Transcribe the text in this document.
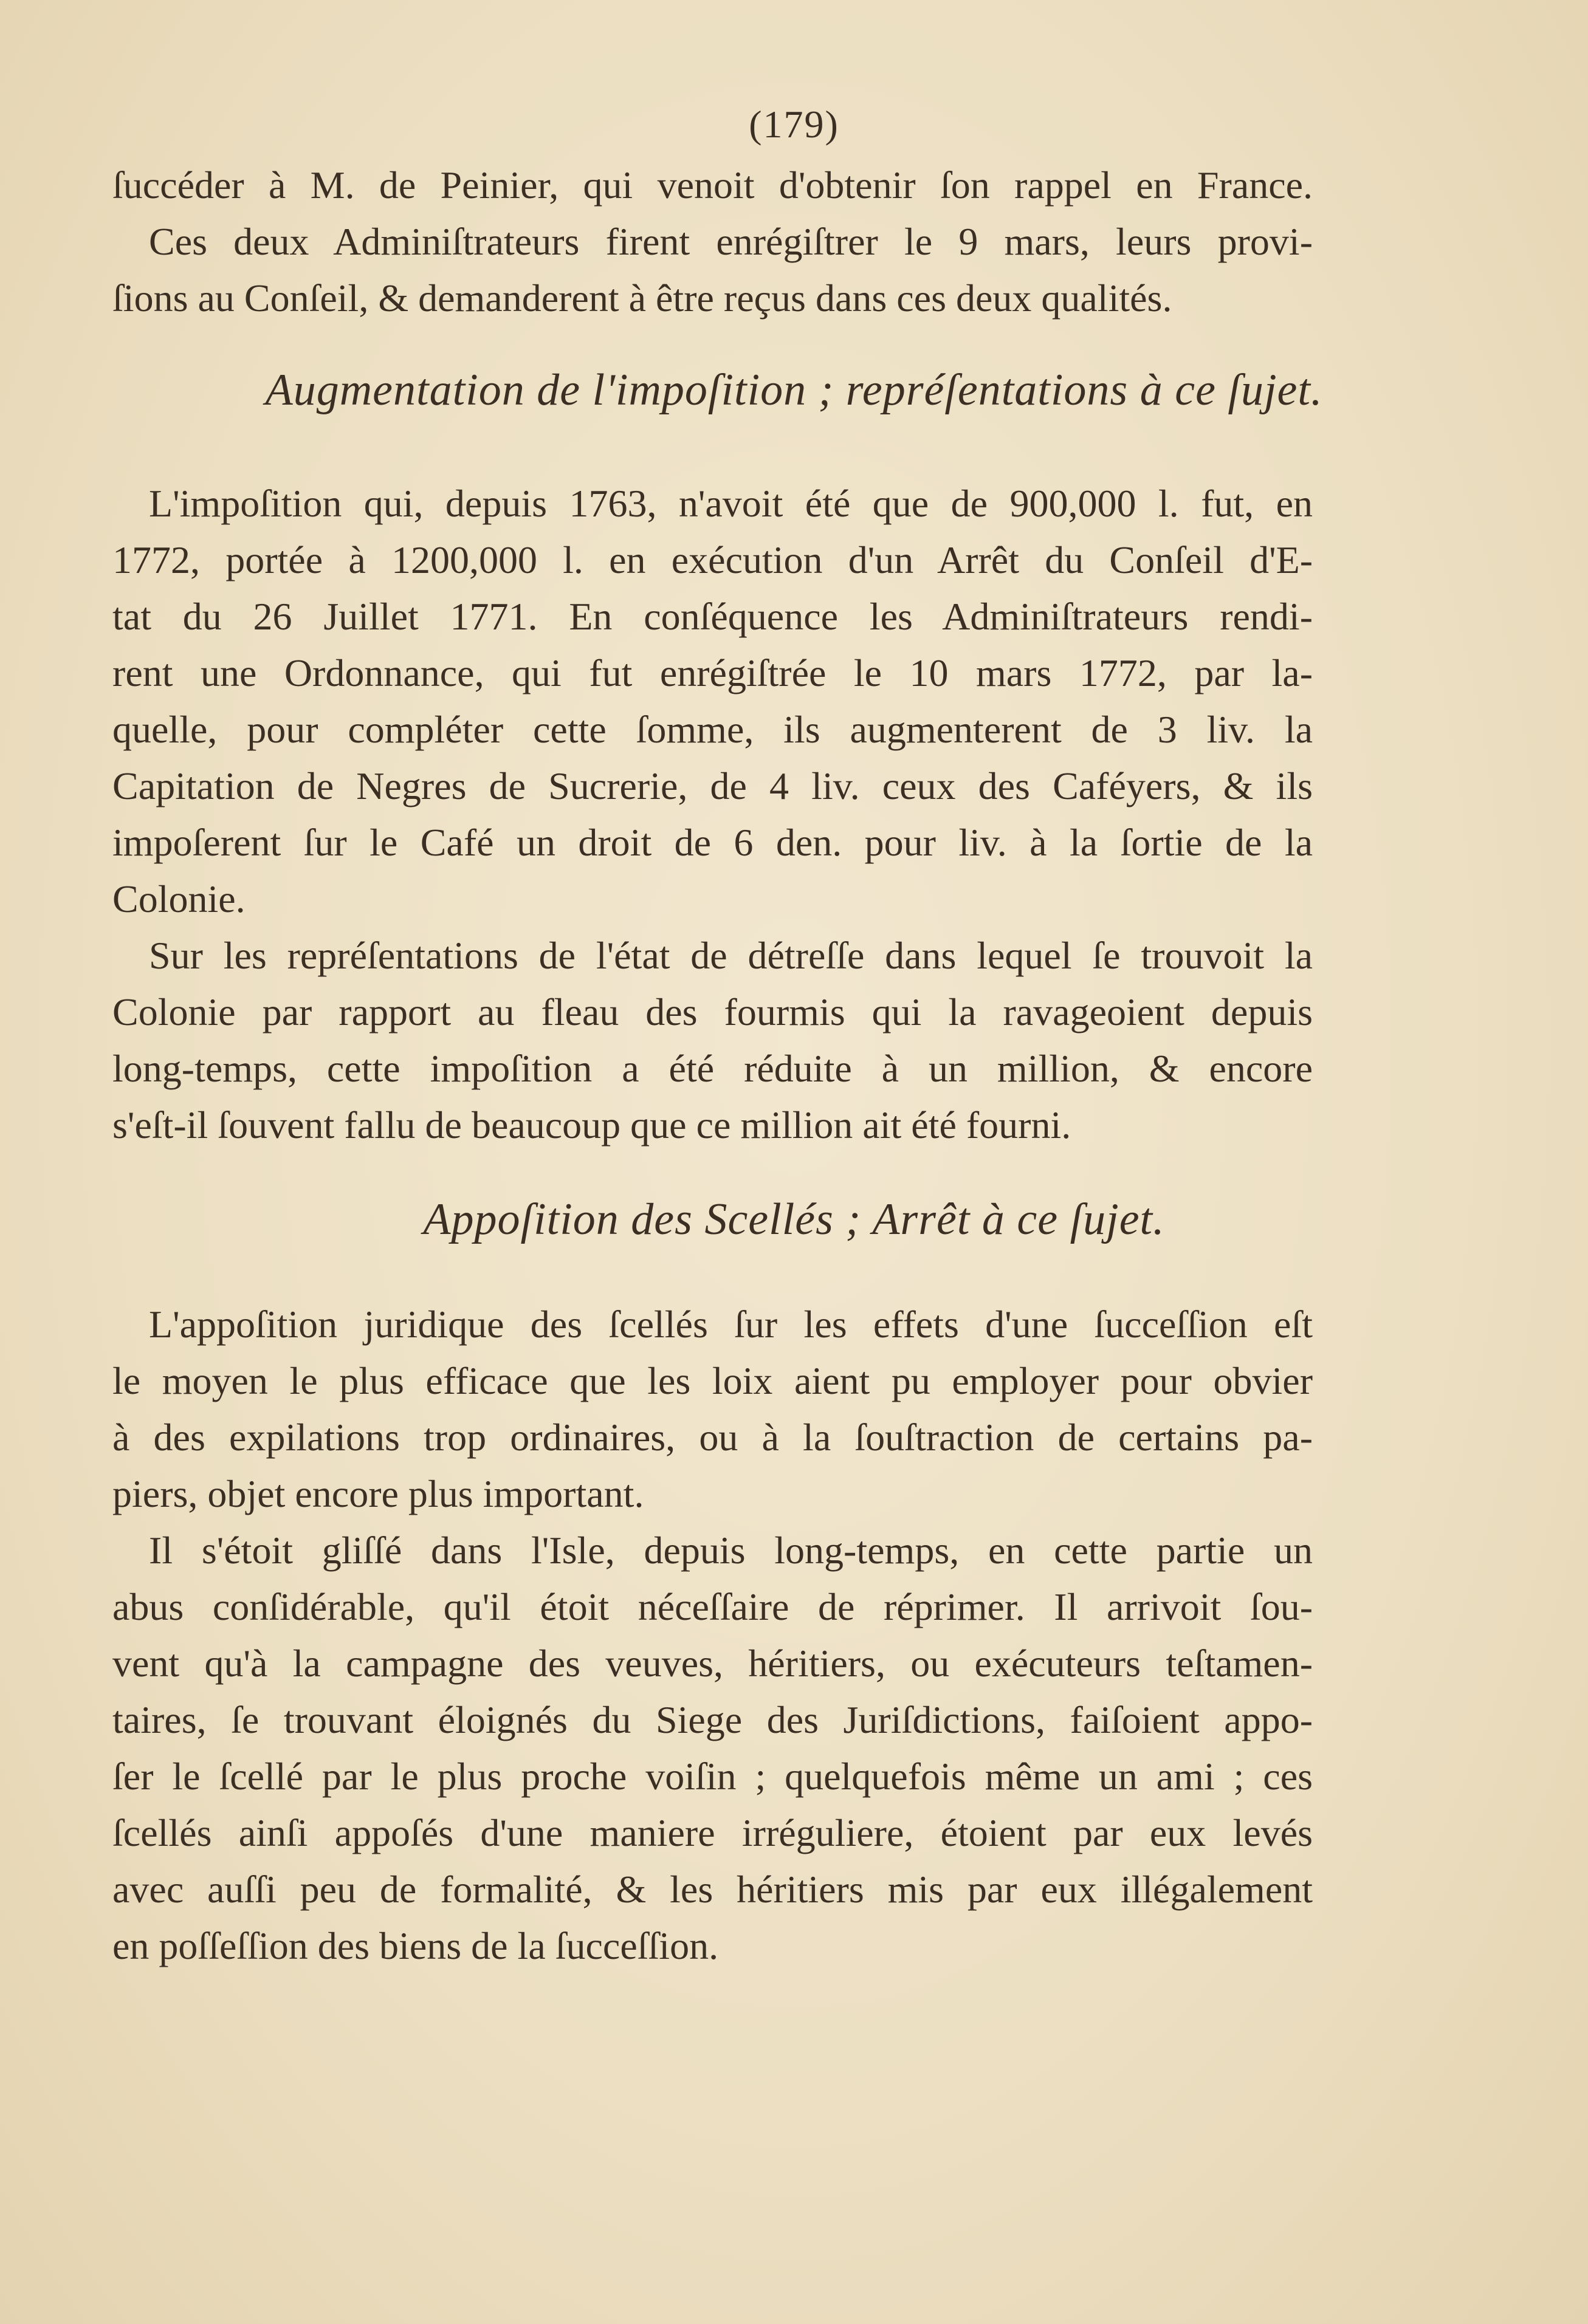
(179)
ſuccéder à M. de Peinier, qui venoit d'obtenir ſon rappel en France.
Ces deux Adminiſtrateurs firent enrégiſtrer le 9 mars, leurs provi-
ſions au Conſeil, & demanderent à être reçus dans ces deux qualités.
Augmentation de l'impoſition ; repréſentations à ce ſujet.
L'impoſition qui, depuis 1763, n'avoit été que de 900,000 l. fut, en
1772, portée à 1200,000 l. en exécution d'un Arrêt du Conſeil d'E-
tat du 26 Juillet 1771. En conſéquence les Adminiſtrateurs rendi-
rent une Ordonnance, qui fut enrégiſtrée le 10 mars 1772, par la-
quelle, pour compléter cette ſomme, ils augmenterent de 3 liv. la
Capitation de Negres de Sucrerie, de 4 liv. ceux des Caféyers, & ils
impoſerent ſur le Café un droit de 6 den. pour liv. à la ſortie de la
Colonie.
Sur les repréſentations de l'état de détreſſe dans lequel ſe trouvoit la
Colonie par rapport au fleau des fourmis qui la ravageoient depuis
long-temps, cette impoſition a été réduite à un million, & encore
s'eſt-il ſouvent fallu de beaucoup que ce million ait été fourni.
Appoſition des Scellés ; Arrêt à ce ſujet.
L'appoſition juridique des ſcellés ſur les effets d'une ſucceſſion eſt
le moyen le plus efficace que les loix aient pu employer pour obvier
à des expilations trop ordinaires, ou à la ſouſtraction de certains pa-
piers, objet encore plus important.
Il s'étoit gliſſé dans l'Isle, depuis long-temps, en cette partie un
abus conſidérable, qu'il étoit néceſſaire de réprimer. Il arrivoit ſou-
vent qu'à la campagne des veuves, héritiers, ou exécuteurs teſtamen-
taires, ſe trouvant éloignés du Siege des Juriſdictions, faiſoient appo-
ſer le ſcellé par le plus proche voiſin ; quelquefois même un ami ; ces
ſcellés ainſi appoſés d'une maniere irréguliere, étoient par eux levés
avec auſſi peu de formalité, & les héritiers mis par eux illégalement
en poſſeſſion des biens de la ſucceſſion.
